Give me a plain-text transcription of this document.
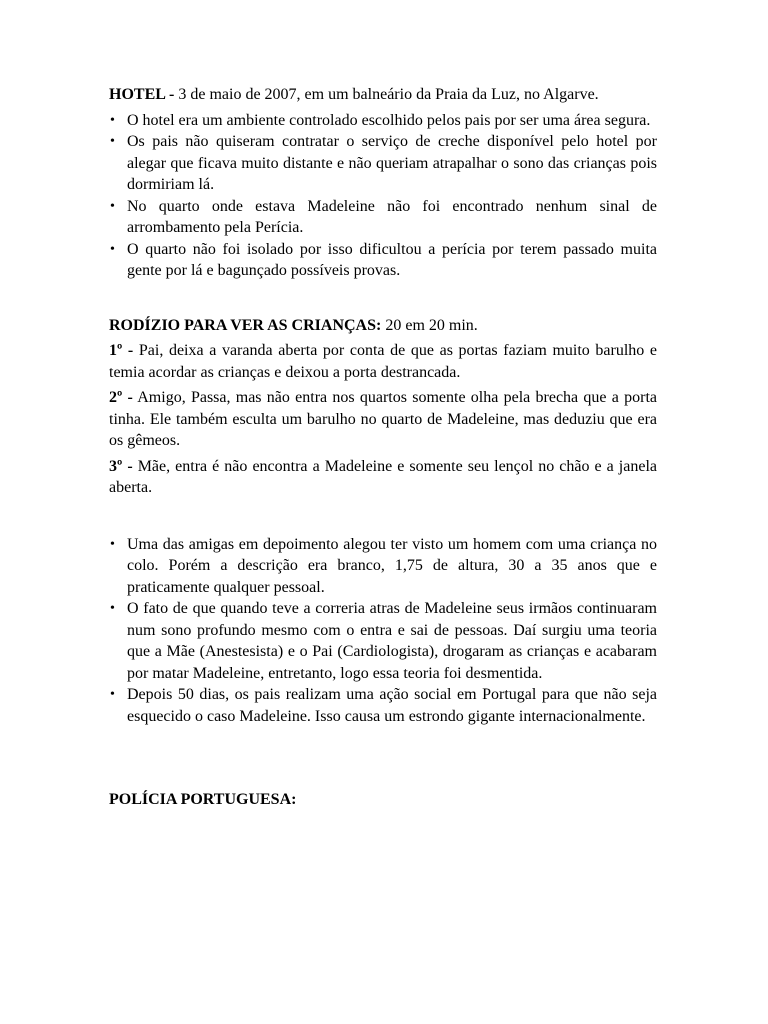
HOTEL - 3 de maio de 2007, em um balneário da Praia da Luz, no Algarve.

• O hotel era um ambiente controlado escolhido pelos pais por ser uma área segura.
• Os pais não quiseram contratar o serviço de creche disponível pelo hotel por alegar que ficava muito distante e não queriam atrapalhar o sono das crianças pois dormiriam lá.
• No quarto onde estava Madeleine não foi encontrado nenhum sinal de arrombamento pela Perícia.
• O quarto não foi isolado por isso dificultou a perícia por terem passado muita gente por lá e bagunçado possíveis provas.

RODÍZIO PARA VER AS CRIANÇAS: 20 em 20 min.

1º - Pai, deixa a varanda aberta por conta de que as portas faziam muito barulho e temia acordar as crianças e deixou a porta destrancada.

2º - Amigo, Passa, mas não entra nos quartos somente olha pela brecha que a porta tinha. Ele também esculta um barulho no quarto de Madeleine, mas deduziu que era os gêmeos.

3º - Mãe, entra é não encontra a Madeleine e somente seu lençol no chão e a janela aberta.

• Uma das amigas em depoimento alegou ter visto um homem com uma criança no colo. Porém a descrição era branco, 1,75 de altura, 30 a 35 anos que e praticamente qualquer pessoal.
• O fato de que quando teve a correria atras de Madeleine seus irmãos continuaram num sono profundo mesmo com o entra e sai de pessoas. Daí surgiu uma teoria que a Mãe (Anestesista) e o Pai (Cardiologista), drogaram as crianças e acabaram por matar Madeleine, entretanto, logo essa teoria foi desmentida.
• Depois 50 dias, os pais realizam uma ação social em Portugal para que não seja esquecido o caso Madeleine. Isso causa um estrondo gigante internacionalmente.

POLÍCIA PORTUGUESA:
